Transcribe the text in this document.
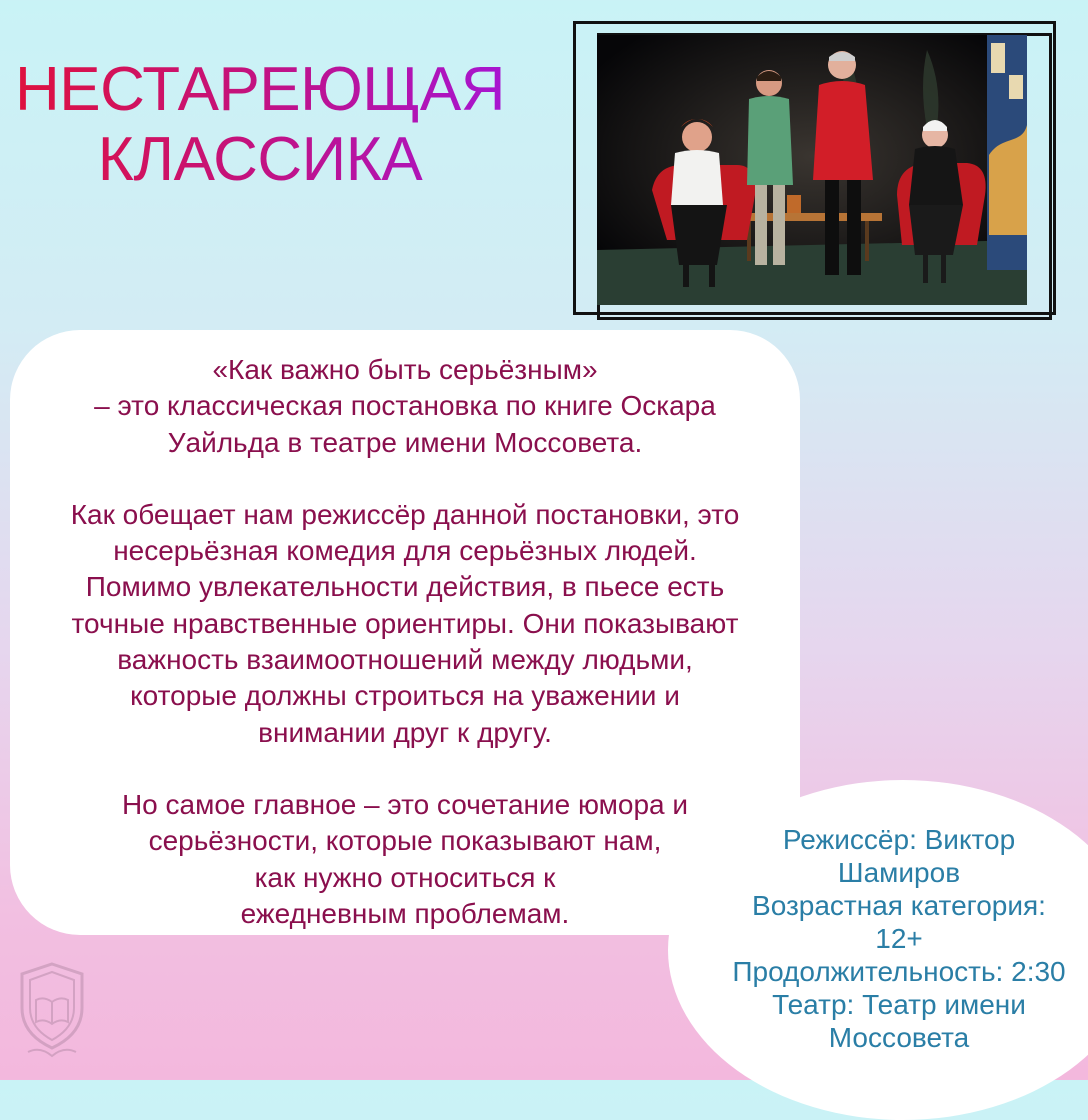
НЕСТАРЕЮЩАЯ
КЛАССИКА
«Как важно быть серьёзным»
– это классическая постановка по книге Оскара
Уайльда в театре имени Моссовета.
Как обещает нам режиссёр данной постановки, это
несерьёзная комедия для серьёзных людей.
Помимо увлекательности действия, в пьесе есть
точные нравственные ориентиры. Они показывают
важность взаимоотношений между людьми,
которые должны строиться на уважении и
внимании друг к другу.
Но самое главное – это сочетание юмора и
серьёзности, которые показывают нам,
как нужно относиться к
ежедневным проблемам.
Режиссёр: Виктор
Шамиров
Возрастная категория:
12+
Продолжительность: 2:30
Театр: Театр имени
Моссовета
